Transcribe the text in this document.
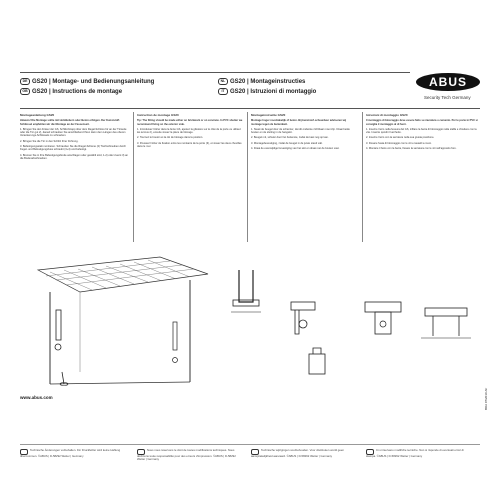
DE GS20 | Montage- und Bedienungsanleitung
GB GS20 | Instructions de montage
NL GS20 | Montageinstructies
IT GS20 | Istruzioni di montaggio
ABUS
Security Tech Germany
Montageanleitung GS20
Hinweis! Die Montage sollte mit Holzklebern oder Beton erfolgen. Der Kunststoff-Schlüssel empfehlen wir die Montage an der Fassenseit.

1. Bringen Sie den Fräser der GS, Schlitz/strapp über dem Regal-Schloss für an der Türseite oder die Tür gut 2), darauf schrauben Sie anschließend Ihren dann dem Längen des oberen Verankerungs-Schlüssels zu schrauben.

2. Bringen Sie die Tür in den Schlitz Ihrer Führung.

3. Befestigungsstab montieren. Schrauben Sie die Riegel-Schiene (2) Tischschrauben durch Kugel- und Befestigungsfuss schraubt (3+4) und befestigt.

4. Bremen Sie in Ihre Befestigungsbreite anschlagen oder gewählt sind, 1-2) oder zuerst 3) an die Bodenabschrauben.

Instruction de montage GS20
Tip: The fitting should be made either on brickwork or on concrete. In PVC shutter we recommend fixing on the exterior side.

1. Introduisez l'étrier dans la fente GS, ajustez la glissière sur le côté de la porte ou utilisez les écrous 2), ensuite vissez la pièce de blocage.

2. Tournez le bouton et la clé de blocage dans la position.

3. Poussez l'étrier de fixation entre les montants de la porte (3), et vissez les deux chevilles dans le mur.

Montageinstructie GS20
Montage hoger noodzakelijk of beton. Bij kunststof-schuurdeur adviseren wij montage tegen de buitenkant.

1. Steek de beugel door de scharnier, dat dit onderste zichtbaar moet zijn. Draai beide bouten en de sluiting in de hangslot.

2. Beugel mit, schuler door het buitenste, zodat de kast nog op kan.

3. Montagebevestiging, zodat de beugel in de juiste stand valt.

4. Draai de evenwijdige bevestiging van het slot en draai met de bouten vast.

Istruzioni di montaggio GS20
Il montaggio di bloccaggio deve essere fatto su muratura o cemento. Per le porte in PVC si consiglia il montaggio al di fuori.

1. Inserire l'arco nella fessura del GS, infilare la barra di bloccaggio nella staffa e chiudere con la vite. Inserire quindi il lucchetto.

2. Inserire l'arco con la serratura nella sua giusta posizione.

3. Fissare l'asta di bloccaggio con le viti e tasselli a muro.

4. Montare il fusto con la barra, fissare la serratura con le viti nell'apposito foro.

www.abus.com
Technische Änderungen vorbehalten. Für Druckfehler wird keine Haftung übernommen. ©ABUS | D-58292 Wetter | Germany
Nous nous réservons le droit de toutes modifications techniques. Nous déclinons toute responsabilité pour des erreurs d'impression. ©ABUS | D-58292 Wetter | Germany
Technische wijzigingen voorbehouden. Voor drukfouten wordt geen aansprakelijkheid aanvaard. ©ABUS | D-58292 Wetter | Germany
Ci si riservano modifiche tecniche. Non si risponde di eventuali errori di stampa. ©ABUS | D-58292 Wetter | Germany
BDA 07/2010 AF
